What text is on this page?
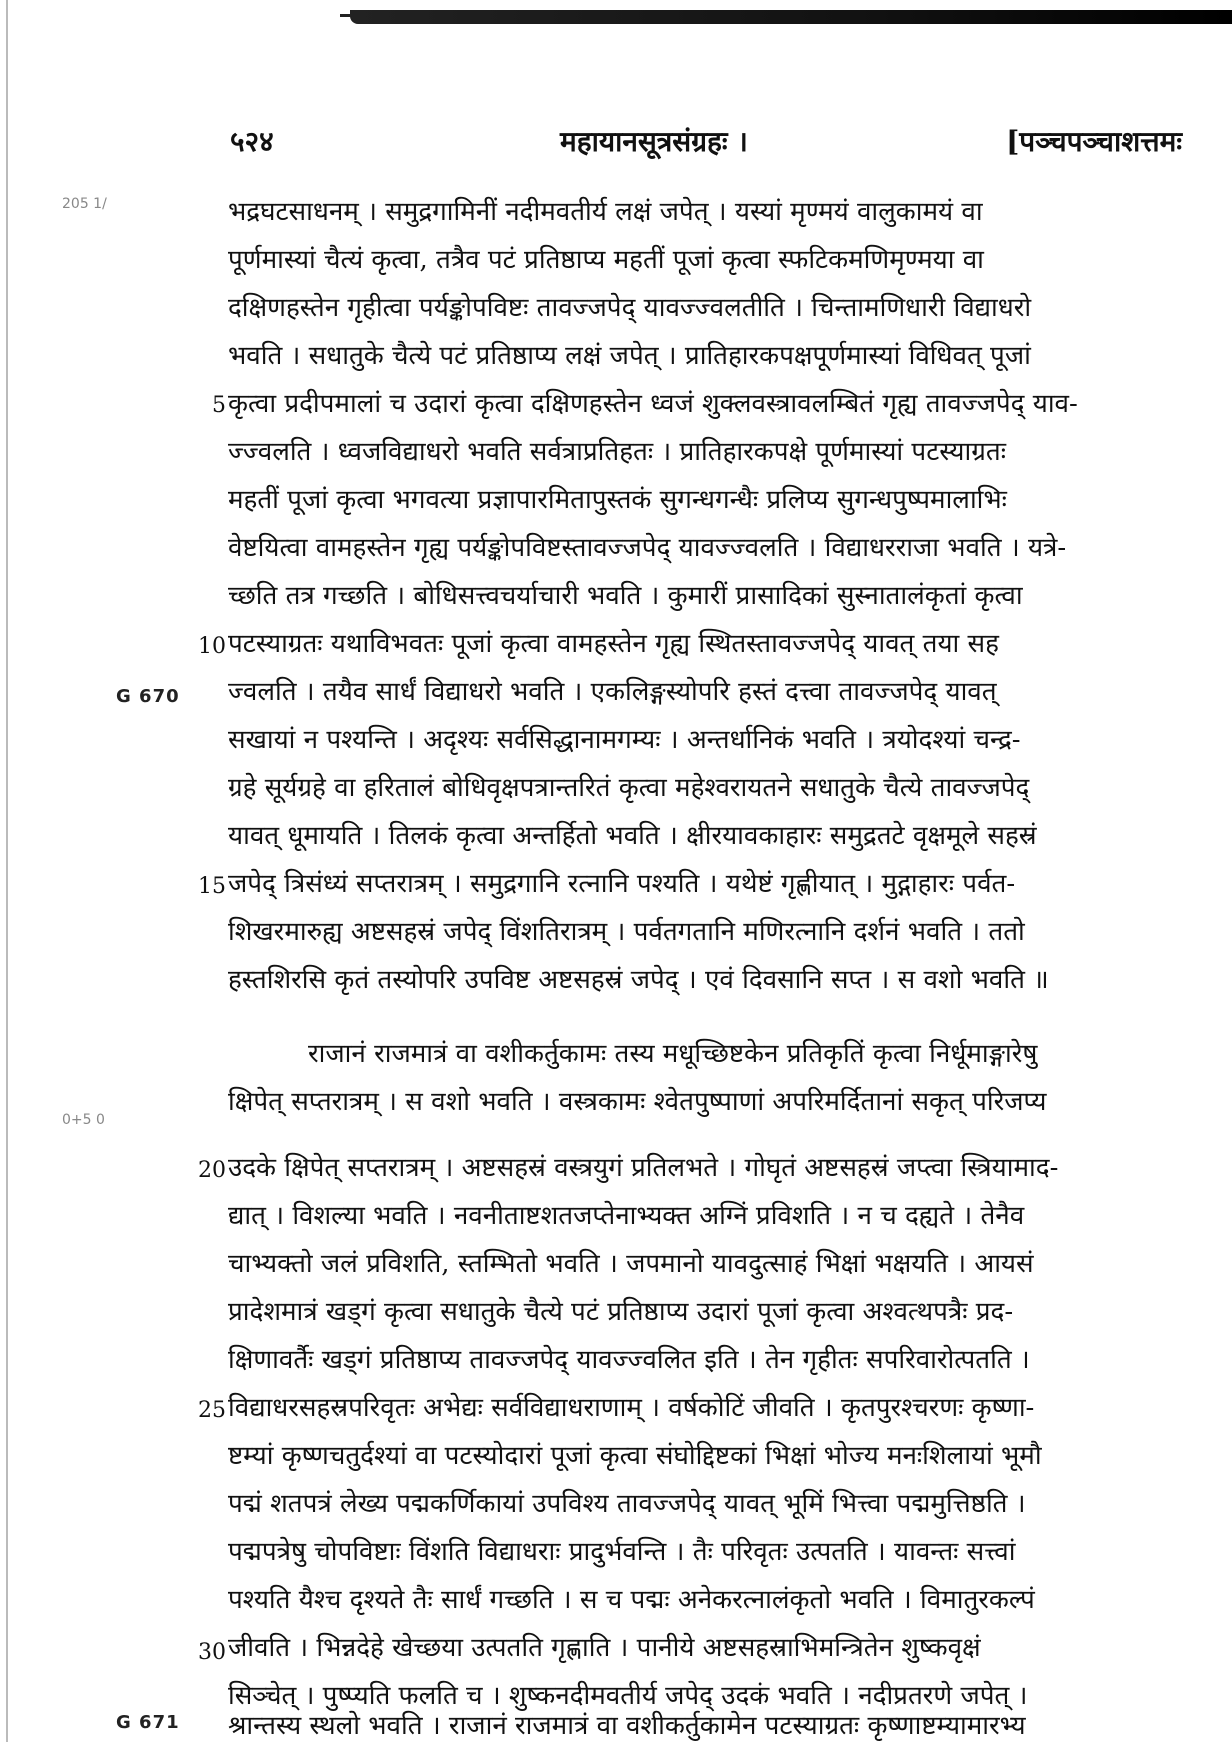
५२४	महायानसूत्रसंग्रहः ।	[पञ्चपञ्चाशत्तमः
205 1/
0+5 0
G 670
G 671
5
10
15
20
25
30
भद्रघटसाधनम् । समुद्रगामिनीं नदीमवतीर्य लक्षं जपेत् । यस्यां मृण्मयं वालुकामयं वा
पूर्णमास्यां चैत्यं कृत्वा, तत्रैव पटं प्रतिष्ठाप्य महतीं पूजां कृत्वा स्फटिकमणिमृण्मया वा
दक्षिणहस्तेन गृहीत्वा पर्यङ्कोपविष्टः तावज्जपेद् यावज्ज्वलतीति । चिन्तामणिधारी विद्याधरो
भवति । सधातुके चैत्ये पटं प्रतिष्ठाप्य लक्षं जपेत् । प्रातिहारकपक्षपूर्णमास्यां विधिवत् पूजां
कृत्वा प्रदीपमालां च उदारां कृत्वा दक्षिणहस्तेन ध्वजं शुक्लवस्त्रावलम्बितं गृह्य तावज्जपेद् याव-
ज्ज्वलति । ध्वजविद्याधरो भवति सर्वत्राप्रतिहतः । प्रातिहारकपक्षे पूर्णमास्यां पटस्याग्रतः
महतीं पूजां कृत्वा भगवत्या प्रज्ञापारमितापुस्तकं सुगन्धगन्धैः प्रलिप्य सुगन्धपुष्पमालाभिः
वेष्टयित्वा वामहस्तेन गृह्य पर्यङ्कोपविष्टस्तावज्जपेद् यावज्ज्वलति । विद्याधरराजा भवति । यत्रे-
च्छति तत्र गच्छति । बोधिसत्त्वचर्याचारी भवति । कुमारीं प्रासादिकां सुस्नातालंकृतां कृत्वा
पटस्याग्रतः यथाविभवतः पूजां कृत्वा वामहस्तेन गृह्य स्थितस्तावज्जपेद् यावत् तया सह
ज्वलति । तयैव सार्धं विद्याधरो भवति । एकलिङ्गस्योपरि हस्तं दत्त्वा तावज्जपेद् यावत्
सखायां न पश्यन्ति । अदृश्यः सर्वसिद्धानामगम्यः । अन्तर्धानिकं भवति । त्रयोदश्यां चन्द्र-
ग्रहे सूर्यग्रहे वा हरितालं बोधिवृक्षपत्रान्तरितं कृत्वा महेश्वरायतने सधातुके चैत्ये तावज्जपेद्
यावत् धूमायति । तिलकं कृत्वा अन्तर्हितो भवति । क्षीरयावकाहारः समुद्रतटे वृक्षमूले सहस्रं
जपेद् त्रिसंध्यं सप्तरात्रम् । समुद्रगानि रत्नानि पश्यति । यथेष्टं गृह्णीयात् । मुद्गाहारः पर्वत-
शिखरमारुह्य अष्टसहस्रं जपेद् विंशतिरात्रम् । पर्वतगतानि मणिरत्नानि दर्शनं भवति । ततो
हस्तशिरसि कृतं तस्योपरि उपविष्ट अष्टसहस्रं जपेद् । एवं दिवसानि सप्त । स वशो भवति ॥
राजानं राजमात्रं वा वशीकर्तुकामः तस्य मधूच्छिष्टकेन प्रतिकृतिं कृत्वा निर्धूमाङ्गारेषु
क्षिपेत् सप्तरात्रम् । स वशो भवति । वस्त्रकामः श्वेतपुष्पाणां अपरिमर्दितानां सकृत् परिजप्य
उदके क्षिपेत् सप्तरात्रम् । अष्टसहस्रं वस्त्रयुगं प्रतिलभते । गोघृतं अष्टसहस्रं जप्त्वा स्त्रियामाद-
द्यात् । विशल्या भवति । नवनीताष्टशतजप्तेनाभ्यक्त अग्निं प्रविशति । न च दह्यते । तेनैव
चाभ्यक्तो जलं प्रविशति, स्तम्भितो भवति । जपमानो यावदुत्साहं भिक्षां भक्षयति । आयसं
प्रादेशमात्रं खड्गं कृत्वा सधातुके चैत्ये पटं प्रतिष्ठाप्य उदारां पूजां कृत्वा अश्वत्थपत्रैः प्रद-
क्षिणावर्तैः खड्गं प्रतिष्ठाप्य तावज्जपेद् यावज्ज्वलित इति । तेन गृहीतः सपरिवारोत्पतति ।
विद्याधरसहस्रपरिवृतः अभेद्यः सर्वविद्याधराणाम् । वर्षकोटिं जीवति । कृतपुरश्चरणः कृष्णा-
ष्टम्यां कृष्णचतुर्दश्यां वा पटस्योदारां पूजां कृत्वा संघोद्दिष्टकां भिक्षां भोज्य मनःशिलायां भूमौ
पद्मं शतपत्रं लेख्य पद्मकर्णिकायां उपविश्य तावज्जपेद् यावत् भूमिं भित्त्वा पद्ममुत्तिष्ठति ।
पद्मपत्रेषु चोपविष्टाः विंशति विद्याधराः प्रादुर्भवन्ति । तैः परिवृतः उत्पतति । यावन्तः सत्त्वां
पश्यति यैश्च दृश्यते तैः सार्धं गच्छति । स च पद्मः अनेकरत्नालंकृतो भवति । विमातुरकल्पं
जीवति । भिन्नदेहे खेच्छया उत्पतति गृह्णाति । पानीये अष्टसहस्राभिमन्त्रितेन शुष्कवृक्षं
सिञ्चेत् । पुष्प्यति फलति च । शुष्कनदीमवतीर्य जपेद् उदकं भवति । नदीप्रतरणे जपेत् ।
श्रान्तस्य स्थलो भवति । राजानं राजमात्रं वा वशीकर्तुकामेन पटस्याग्रतः कृष्णाष्टम्यामारभ्य
